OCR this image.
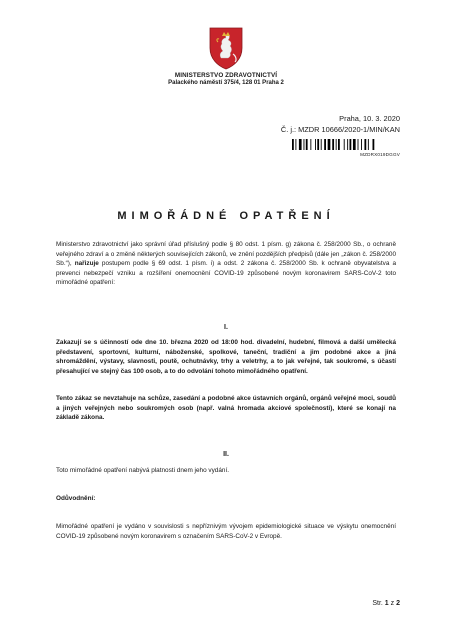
MINISTERSTVO ZDRAVOTNICTVÍ
Palackého náměstí 375/4, 128 01 Praha 2
Praha, 10. 3. 2020
Č. j.: MZDR 10666/2020-1/MIN/KAN
MZDRX019DGGV
MIMOŘÁDNÉ OPATŘENÍ

Ministerstvo zdravotnictví jako správní úřad příslušný podle § 80 odst. 1 písm. g) zákona č. 258/2000 Sb., o ochraně veřejného zdraví a o změně některých souvisejících zákonů, ve znění pozdějších předpisů (dále jen „zákon č. 258/2000 Sb.“), nařizuje postupem podle § 69 odst. 1 písm. i) a odst. 2 zákona č. 258/2000 Sb. k ochraně obyvatelstva a prevenci nebezpečí vzniku a rozšíření onemocnění COVID-19 způsobené novým koronavirem SARS-CoV-2 toto mimořádné opatření:

I.

Zakazují se s účinností ode dne 10. března 2020 od 18:00 hod. divadelní, hudební, filmová a další umělecká představení, sportovní, kulturní, náboženské, spolkové, taneční, tradiční a jim podobné akce a jiná shromáždění, výstavy, slavnosti, poutě, ochutnávky, trhy a veletrhy, a to jak veřejné, tak soukromé, s účastí přesahující ve stejný čas 100 osob, a to do odvolání tohoto mimořádného opatření.

Tento zákaz se nevztahuje na schůze, zasedání a podobné akce ústavních orgánů, orgánů veřejné moci, soudů a jiných veřejných nebo soukromých osob (např. valná hromada akciové společnosti), které se konají na základě zákona.

II.

Toto mimořádné opatření nabývá platnosti dnem jeho vydání.

Odůvodnění:

Mimořádné opatření je vydáno v souvislosti s nepříznivým vývojem epidemiologické situace ve výskytu onemocnění COVID-19 způsobené novým koronavirem s označením SARS-CoV-2 v Evropě.

Str. 1 z 2
